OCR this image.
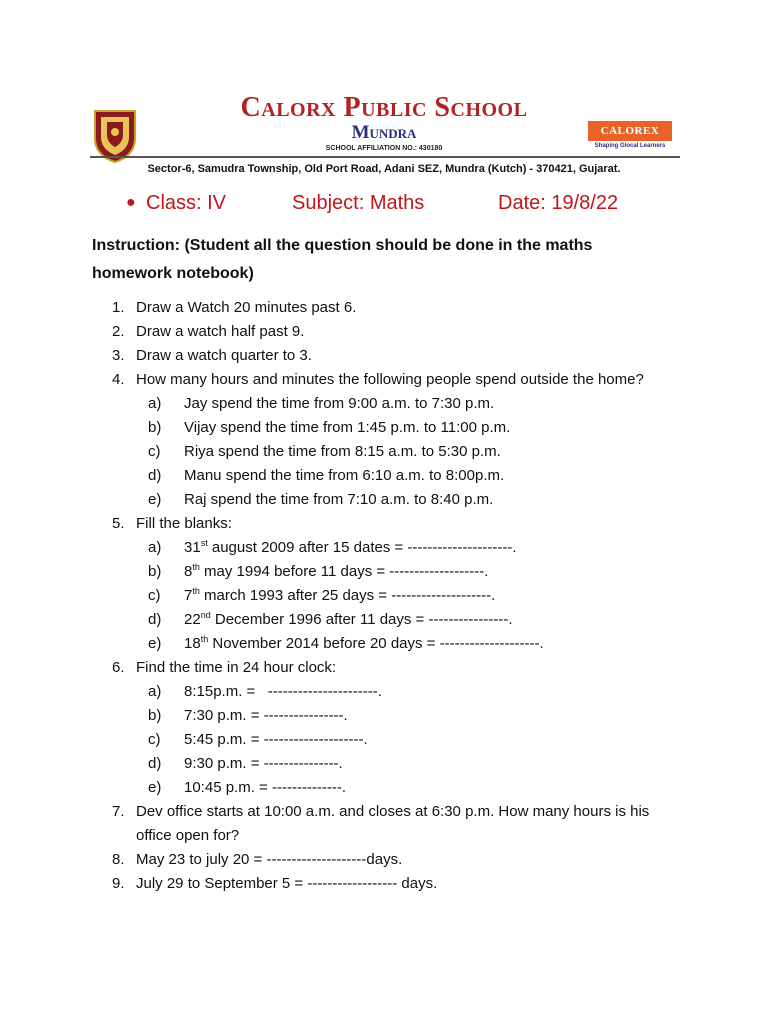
Calorx Public School
Mundra
SCHOOL AFFILIATION NO.: 430180
Sector-6, Samudra Township, Old Port Road, Adani SEZ, Mundra (Kutch) - 370421, Gujarat.
CALOREX
Shaping Glocal Learners
● Class: IV	Subject: Maths	Date: 19/8/22
Instruction: (Student all the question should be done in the maths homework notebook)
1. Draw a Watch 20 minutes past 6.
2. Draw a watch half past 9.
3. Draw a watch quarter to 3.
4. How many hours and minutes the following people spend outside the home?
a)	Jay spend the time from 9:00 a.m. to 7:30 p.m.
b)	Vijay spend the time from 1:45 p.m. to 11:00 p.m.
c)	Riya spend the time from 8:15 a.m. to 5:30 p.m.
d)	Manu spend the time from 6:10 a.m. to 8:00p.m.
e)	Raj spend the time from 7:10 a.m. to 8:40 p.m.
5. Fill the blanks:
a)	31st august 2009 after 15 dates = ---------------------.
b)	8th may 1994 before 11 days = -------------------.
c)	7th march 1993 after 25 days = --------------------.
d)	22nd December 1996 after 11 days = ----------------.
e)	18th November 2014 before 20 days = --------------------.
6. Find the time in 24 hour clock:
a)	8:15p.m. =   ----------------------.
b)	7:30 p.m. = ----------------.
c)	5:45 p.m. = --------------------.
d)	9:30 p.m. = ---------------.
e)	10:45 p.m. = --------------.
7. Dev office starts at 10:00 a.m. and closes at 6:30 p.m. How many hours is his office open for?
8. May 23 to july 20 = --------------------days.
9. July 29 to September 5 = ------------------ days.
